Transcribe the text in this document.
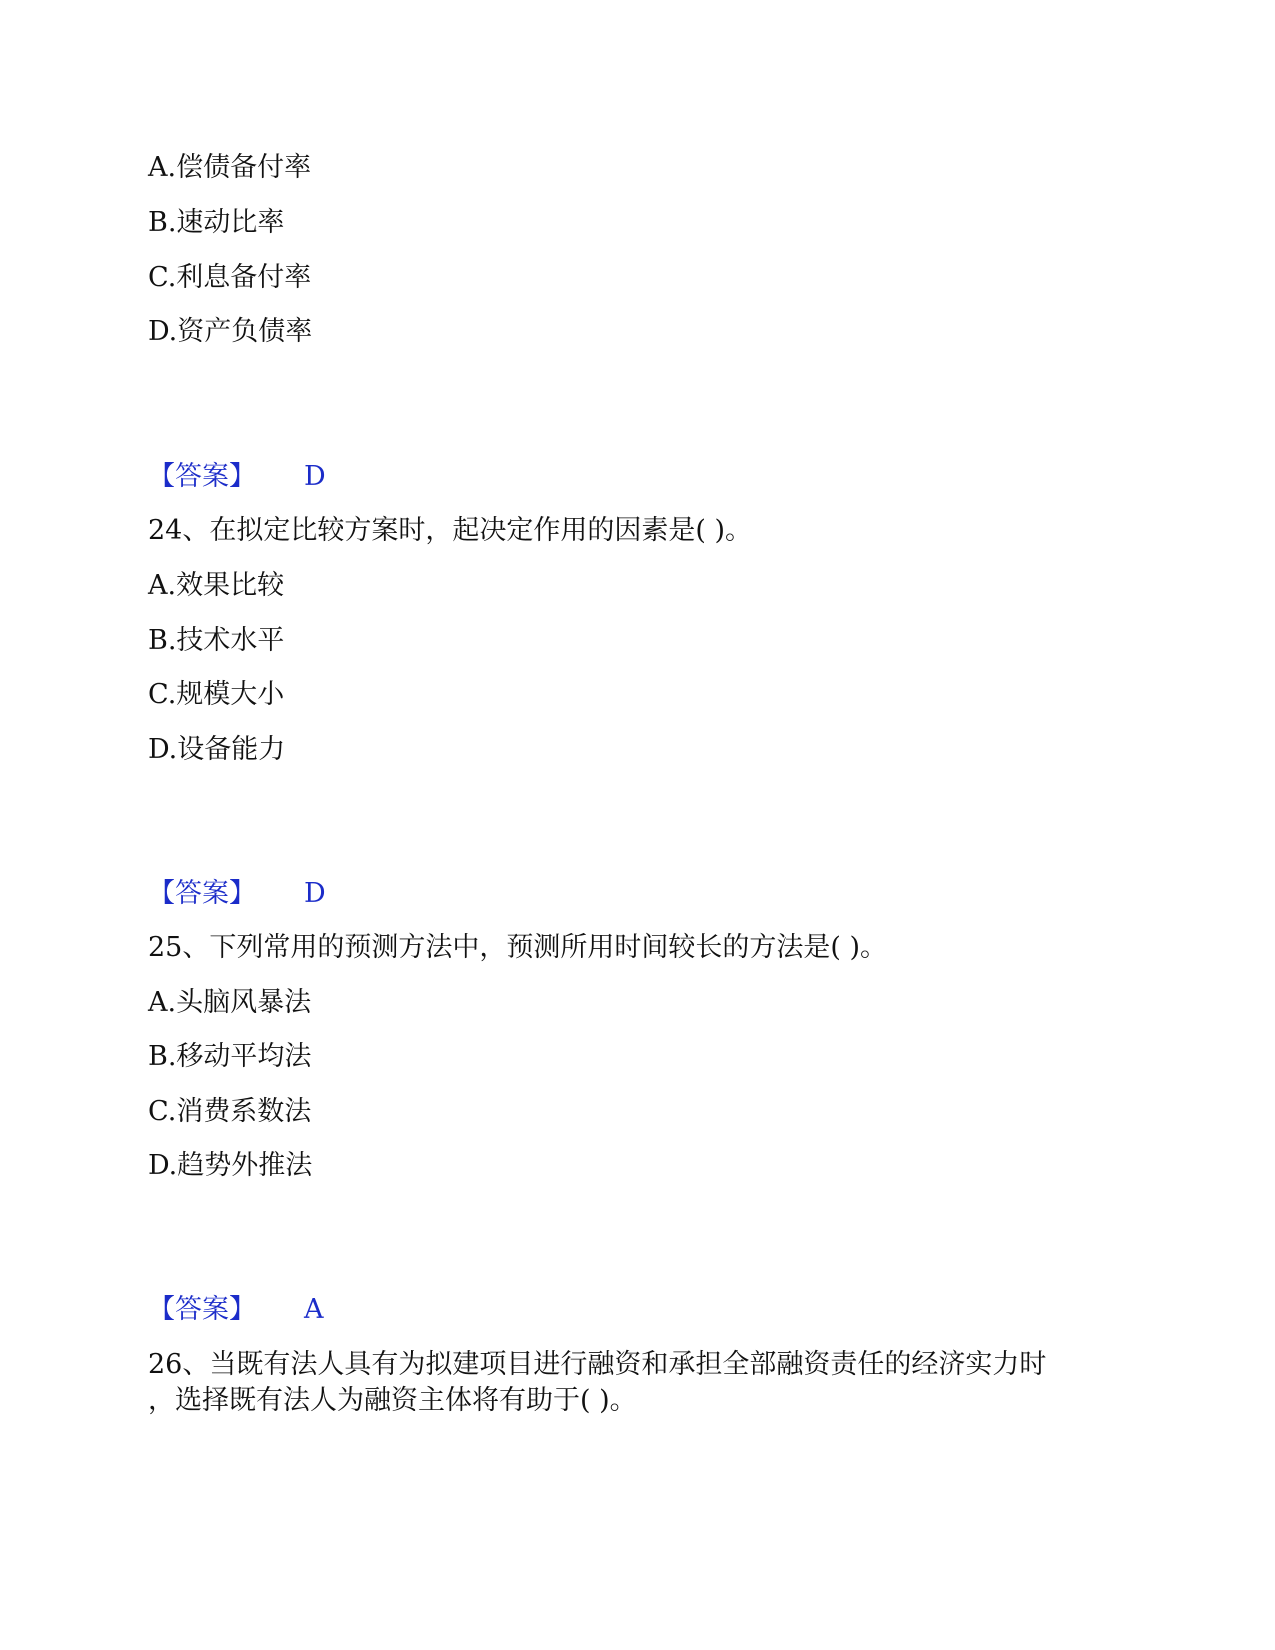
A.偿债备付率
B.速动比率
C.利息备付率
D.资产负债率
【答案】 D
24、在拟定比较方案时，起决定作用的因素是( )。
A.效果比较
B.技术水平
C.规模大小
D.设备能力
【答案】 D
25、下列常用的预测方法中，预测所用时间较长的方法是( )。
A.头脑风暴法
B.移动平均法
C.消费系数法
D.趋势外推法
【答案】 A
26、当既有法人具有为拟建项目进行融资和承担全部融资责任的经济实力时
，选择既有法人为融资主体将有助于( )。
